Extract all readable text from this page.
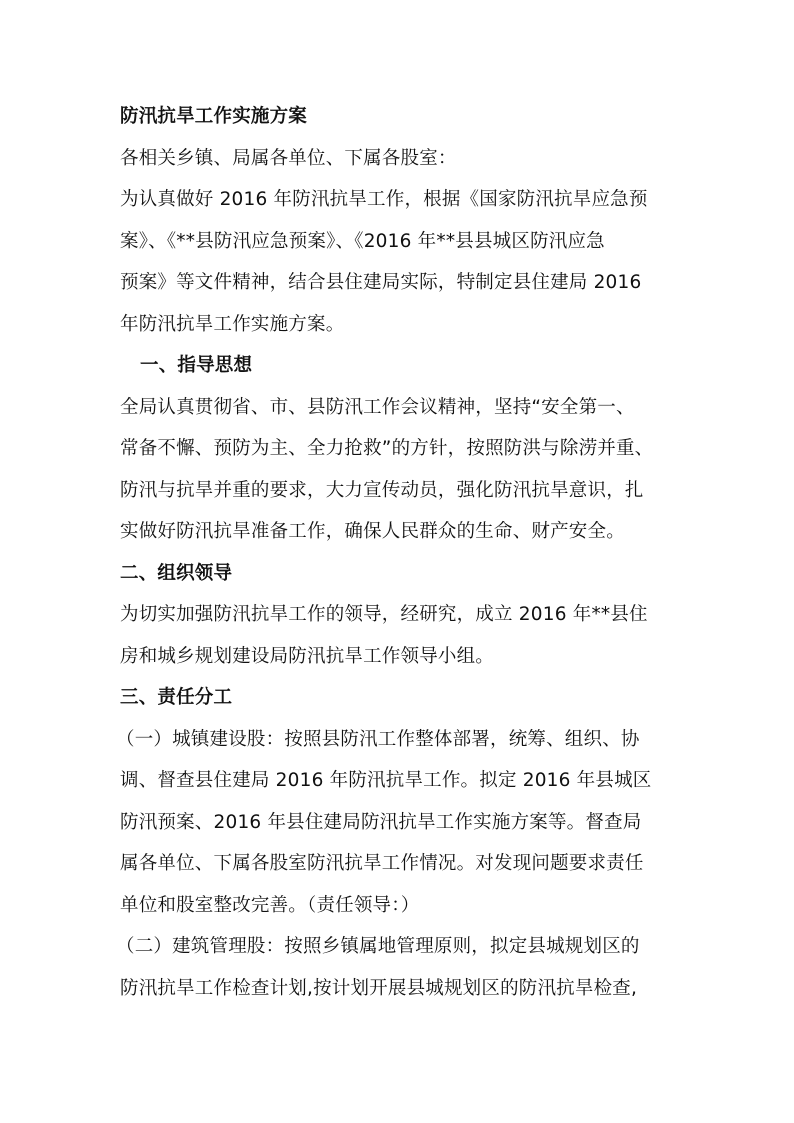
防汛抗旱工作实施方案
各相关乡镇、局属各单位、下属各股室：
为认真做好 2016 年防汛抗旱工作，根据《国家防汛抗旱应急预
案》、《**县防汛应急预案》、《2016 年**县县城区防汛应急
预案》等文件精神，结合县住建局实际，特制定县住建局 2016
年防汛抗旱工作实施方案。
一、指导思想
全局认真贯彻省、市、县防汛工作会议精神，坚持“安全第一、
常备不懈、预防为主、全力抢救”的方针，按照防洪与除涝并重、
防汛与抗旱并重的要求，大力宣传动员，强化防汛抗旱意识，扎
实做好防汛抗旱准备工作，确保人民群众的生命、财产安全。
二、组织领导
为切实加强防汛抗旱工作的领导，经研究，成立 2016 年**县住
房和城乡规划建设局防汛抗旱工作领导小组。
三、责任分工
（一）城镇建设股：按照县防汛工作整体部署，统筹、组织、协
调、督查县住建局 2016 年防汛抗旱工作。拟定 2016 年县城区
防汛预案、2016 年县住建局防汛抗旱工作实施方案等。督查局
属各单位、下属各股室防汛抗旱工作情况。对发现问题要求责任
单位和股室整改完善。（责任领导：）
（二）建筑管理股：按照乡镇属地管理原则，拟定县城规划区的
防汛抗旱工作检查计划,按计划开展县城规划区的防汛抗旱检查,
